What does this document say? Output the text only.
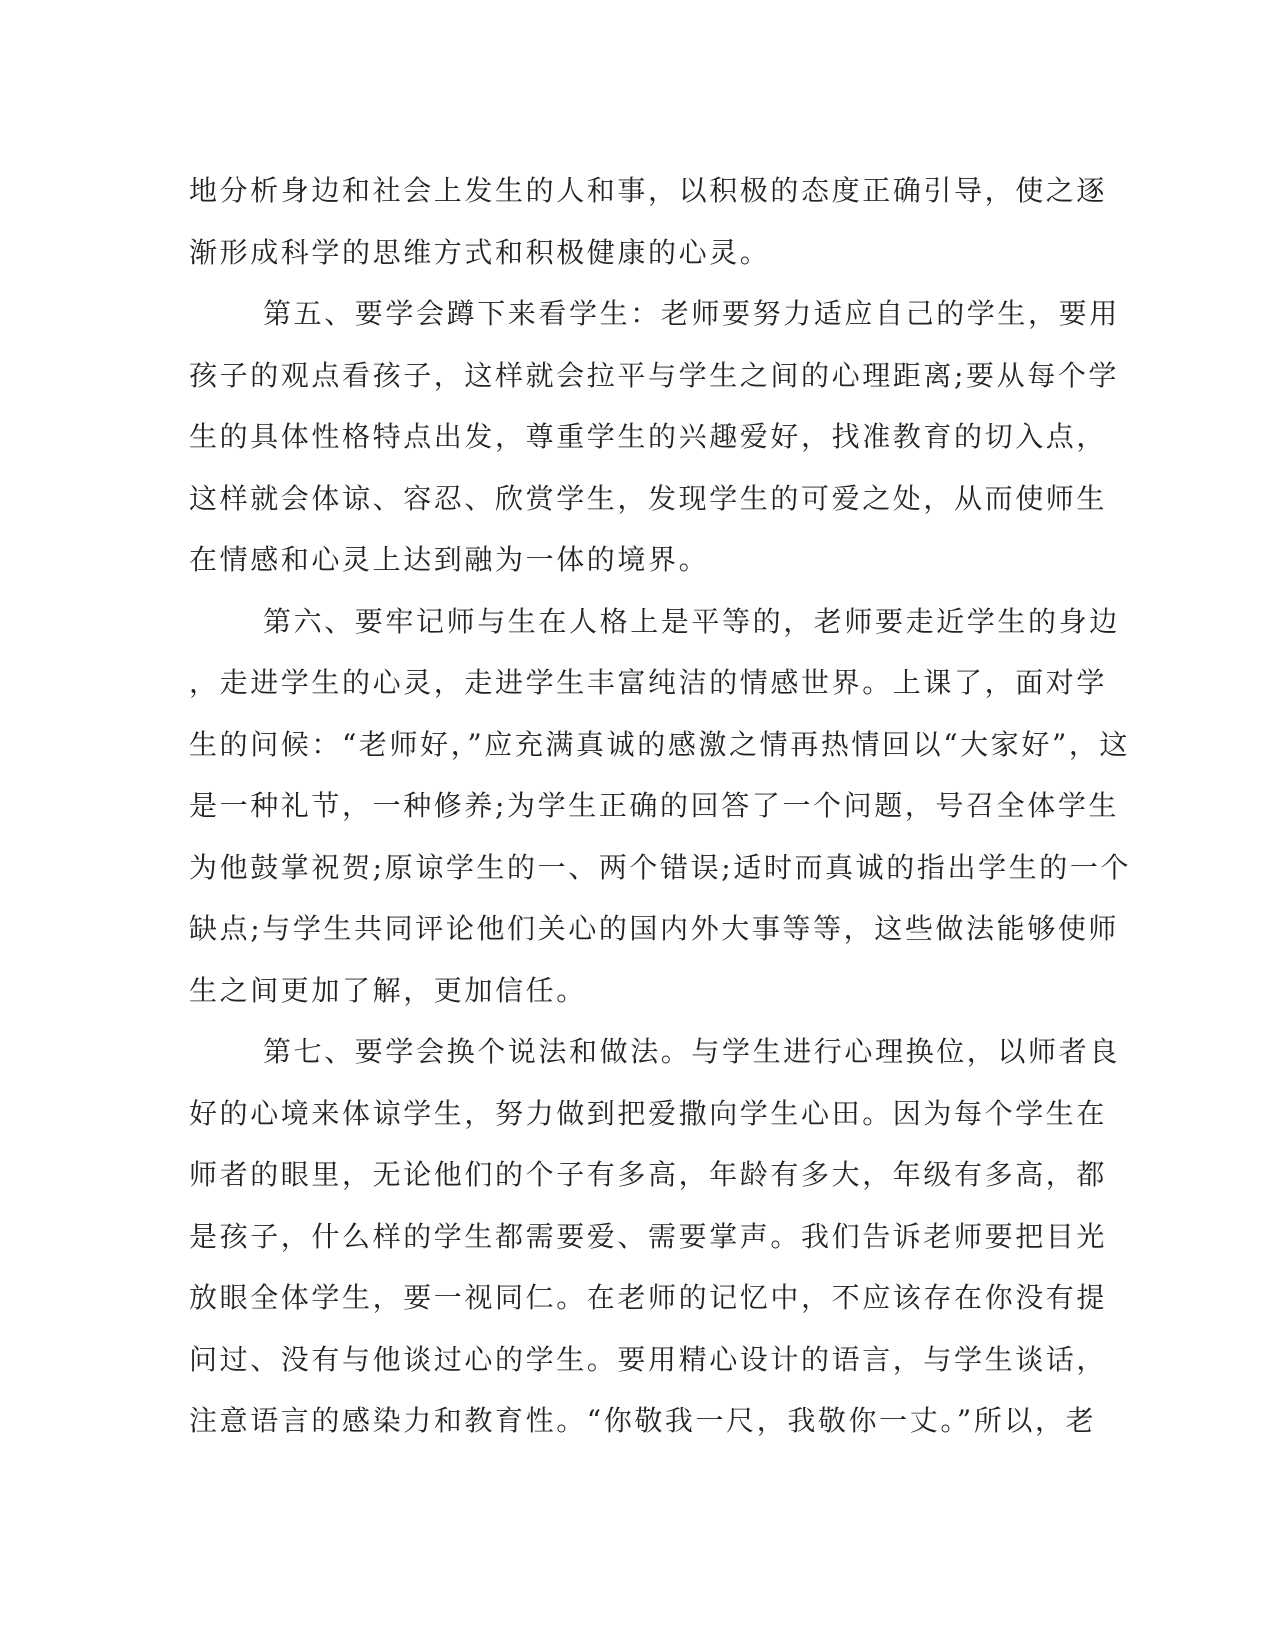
地分析身边和社会上发生的人和事，以积极的态度正确引导，使之逐
渐形成科学的思维方式和积极健康的心灵。
第五、要学会蹲下来看学生：老师要努力适应自己的学生，要用
孩子的观点看孩子，这样就会拉平与学生之间的心理距离;要从每个学
生的具体性格特点出发，尊重学生的兴趣爱好，找准教育的切入点，
这样就会体谅、容忍、欣赏学生，发现学生的可爱之处，从而使师生
在情感和心灵上达到融为一体的境界。
第六、要牢记师与生在人格上是平等的，老师要走近学生的身边
，走进学生的心灵，走进学生丰富纯洁的情感世界。上课了，面对学
生的问候：“老师好，”应充满真诚的感激之情再热情回以“大家好”，这
是一种礼节，一种修养;为学生正确的回答了一个问题，号召全体学生
为他鼓掌祝贺;原谅学生的一、两个错误;适时而真诚的指出学生的一个
缺点;与学生共同评论他们关心的国内外大事等等，这些做法能够使师
生之间更加了解，更加信任。
第七、要学会换个说法和做法。与学生进行心理换位，以师者良
好的心境来体谅学生，努力做到把爱撒向学生心田。因为每个学生在
师者的眼里，无论他们的个子有多高，年龄有多大，年级有多高，都
是孩子，什么样的学生都需要爱、需要掌声。我们告诉老师要把目光
放眼全体学生，要一视同仁。在老师的记忆中，不应该存在你没有提
问过、没有与他谈过心的学生。要用精心设计的语言，与学生谈话，
注意语言的感染力和教育性。“你敬我一尺，我敬你一丈。”所以，老
